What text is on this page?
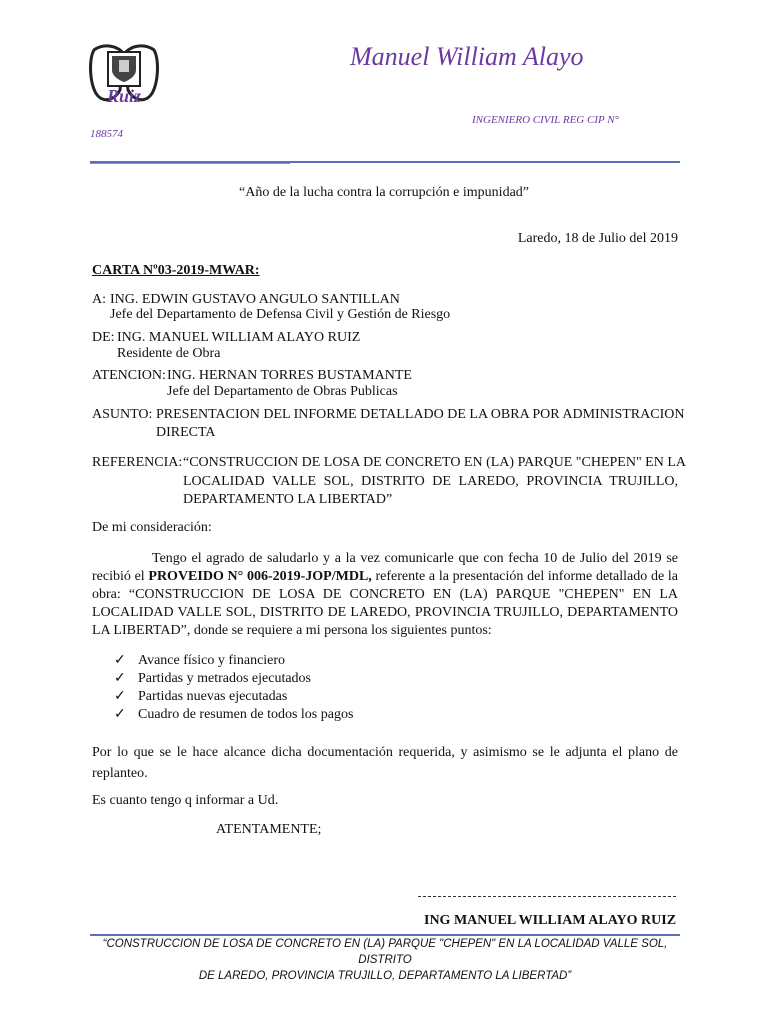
Ruiz
Manuel William Alayo
INGENIERO CIVIL REG CIP N°
188574
“Año de la lucha contra la corrupción e impunidad”
Laredo, 18 de Julio del 2019
CARTA Nº03-2019-MWAR:
A: ING. EDWIN GUSTAVO ANGULO SANTILLAN
Jefe del Departamento de Defensa Civil y Gestión de Riesgo
DE: ING. MANUEL WILLIAM ALAYO RUIZ
Residente de Obra
ATENCION: ING. HERNAN TORRES BUSTAMANTE
Jefe del Departamento de Obras Publicas
ASUNTO: PRESENTACION DEL INFORME DETALLADO DE LA OBRA POR ADMINISTRACION
DIRECTA
REFERENCIA: “CONSTRUCCION DE LOSA DE CONCRETO EN (LA) PARQUE "CHEPEN" EN LA
LOCALIDAD VALLE SOL, DISTRITO DE LAREDO, PROVINCIA TRUJILLO,
DEPARTAMENTO LA LIBERTAD”
De mi consideración:
Tengo el agrado de saludarlo y a la vez comunicarle que con fecha 10 de Julio del 2019 se recibió el PROVEIDO N° 006-2019-JOP/MDL, referente a la presentación del informe detallado de la obra: “CONSTRUCCION DE LOSA DE CONCRETO EN (LA) PARQUE "CHEPEN" EN LA LOCALIDAD VALLE SOL, DISTRITO DE LAREDO, PROVINCIA TRUJILLO, DEPARTAMENTO LA LIBERTAD”, donde se requiere a mi persona los siguientes puntos:
✓ Avance físico y financiero
✓ Partidas y metrados ejecutados
✓ Partidas nuevas ejecutadas
✓ Cuadro de resumen de todos los pagos
Por lo que se le hace alcance dicha documentación requerida, y asimismo se le adjunta el plano de replanteo.
Es cuanto tengo q informar a Ud.
ATENTAMENTE;
ING MANUEL WILLIAM ALAYO RUIZ
“CONSTRUCCION DE LOSA DE CONCRETO EN (LA) PARQUE "CHEPEN" EN LA LOCALIDAD VALLE SOL, DISTRITO
DE LAREDO, PROVINCIA TRUJILLO, DEPARTAMENTO LA LIBERTAD”
